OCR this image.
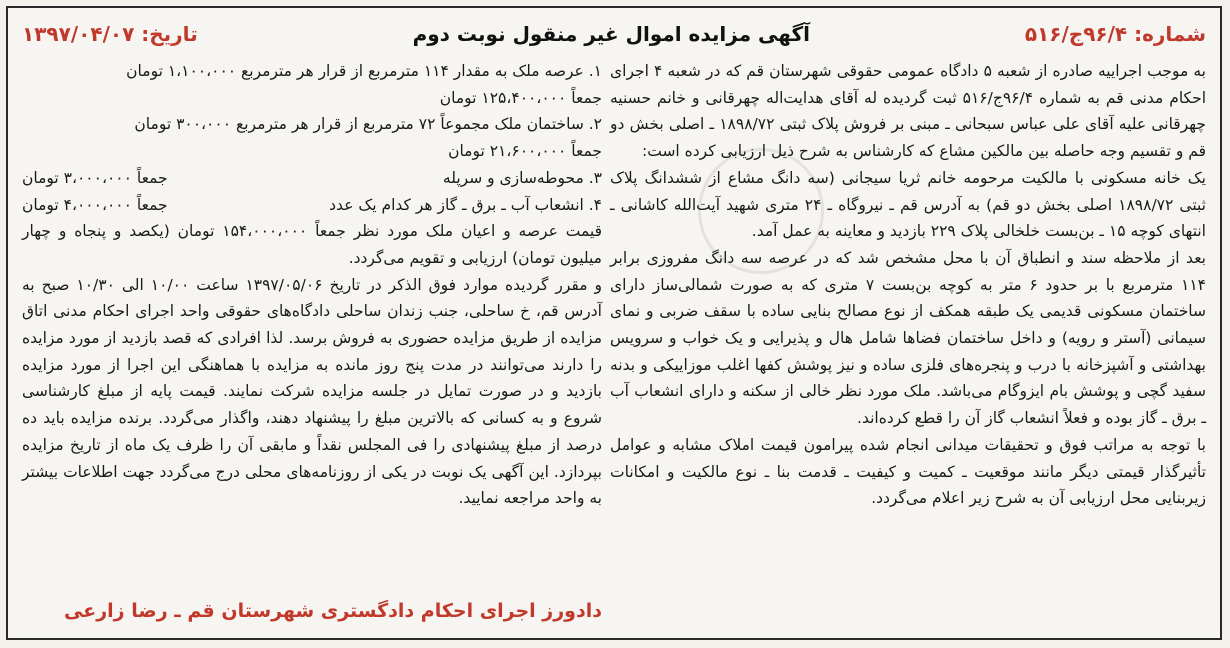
شماره: ۹۶/۴ج/۵۱۶
آگهی مزایده اموال غیر منقول نوبت دوم
تاریخ: ۱۳۹۷/۰۴/۰۷

به موجب اجراییه صادره از شعبه ۵ دادگاه عمومی حقوقی شهرستان قم که در شعبه ۴ اجرای احکام مدنی قم به شماره ۹۶/۴ج/۵۱۶ ثبت گردیده له آقای هدایت‌اله چهرقانی و خانم حسنیه چهرقانی علیه آقای علی عباس سبحانی ـ مبنی بر فروش پلاک ثبتی ۱۸۹۸/۷۲ ـ اصلی بخش دو قم و تقسیم وجه حاصله بین مالکین مشاع که کارشناس به شرح ذیل ارزیابی کرده است:

یک خانه مسکونی با مالکیت مرحومه خانم ثریا سیجانی (سه دانگ مشاع از ششدانگ پلاک ثبتی ۱۸۹۸/۷۲ اصلی بخش دو قم) به آدرس قم ـ نیروگاه ـ ۲۴ متری شهید آیت‌الله کاشانی ـ انتهای کوچه ۱۵ ـ بن‌بست خلخالی پلاک ۲۲۹ بازدید و معاینه به عمل آمد.

بعد از ملاحظه سند و انطباق آن با محل مشخص شد که در عرصه سه دانگ مفروزی برابر ۱۱۴ مترمربع با بر حدود ۶ متر به کوچه بن‌بست ۷ متری که به صورت شمالی‌ساز دارای ساختمان مسکونی قدیمی یک طبقه همکف از نوع مصالح بنایی ساده با سقف ضربی و نمای سیمانی (آستر و رویه) و داخل ساختمان فضاها شامل هال و پذیرایی و یک خواب و سرویس بهداشتی و آشپزخانه با درب و پنجره‌های فلزی ساده و نیز پوشش کفها اغلب موزاییکی و بدنه سفید گچی و پوشش بام ایزوگام می‌باشد. ملک مورد نظر خالی از سکنه و دارای انشعاب آب ـ برق ـ گاز بوده و فعلاً انشعاب گاز آن را قطع کرده‌اند.

با توجه به مراتب فوق و تحقیقات میدانی انجام شده پیرامون قیمت املاک مشابه و عوامل تأثیرگذار قیمتی دیگر مانند موقعیت ـ کمیت و کیفیت ـ قدمت بنا ـ نوع مالکیت و امکانات زیربنایی محل ارزیابی آن به شرح زیر اعلام می‌گردد.

۱. عرصه ملک به مقدار ۱۱۴ مترمربع از قرار هر مترمربع ۱،۱۰۰،۰۰۰ تومان

جمعاً ۱۲۵،۴۰۰،۰۰۰ تومان

۲. ساختمان ملک مجموعاً ۷۲ مترمربع از قرار هر مترمربع ۳۰۰،۰۰۰ تومان

جمعاً ۲۱،۶۰۰،۰۰۰ تومان

۳. محوطه‌سازی و سرپله
جمعاً ۳،۰۰۰،۰۰۰ تومان
۴. انشعاب آب ـ برق ـ گاز هر کدام یک عدد
جمعاً ۴،۰۰۰،۰۰۰ تومان

قیمت عرصه و اعیان ملک مورد نظر جمعاً ۱۵۴،۰۰۰،۰۰۰ تومان (یکصد و پنجاه و چهار میلیون تومان) ارزیابی و تقویم می‌گردد.

و مقرر گردیده موارد فوق الذکر در تاریخ ۱۳۹۷/۰۵/۰۶ ساعت ۱۰/۰۰ الی ۱۰/۳۰ صبح به آدرس قم، خ ساحلی، جنب زندان ساحلی دادگاه‌های حقوقی واحد اجرای احکام مدنی اتاق مزایده از طریق مزایده حضوری به فروش برسد. لذا افرادی که قصد بازدید از مورد مزایده را دارند می‌توانند در مدت پنج روز مانده به مزایده با هماهنگی این اجرا از مورد مزایده بازدید و در صورت تمایل در جلسه مزایده شرکت نمایند. قیمت پایه از مبلغ کارشناسی شروع و به کسانی که بالاترین مبلغ را پیشنهاد دهند، واگذار می‌گردد. برنده مزایده باید ده درصد از مبلغ پیشنهادی را فی المجلس نقداً و مابقی آن را ظرف یک ماه از تاریخ مزایده بپردازد. این آگهی یک نوبت در یکی از روزنامه‌های محلی درج می‌گردد جهت اطلاعات بیشتر به واحد مراجعه نمایید.

دادورز اجرای احکام دادگستری شهرستان قم ـ رضا زارعی
